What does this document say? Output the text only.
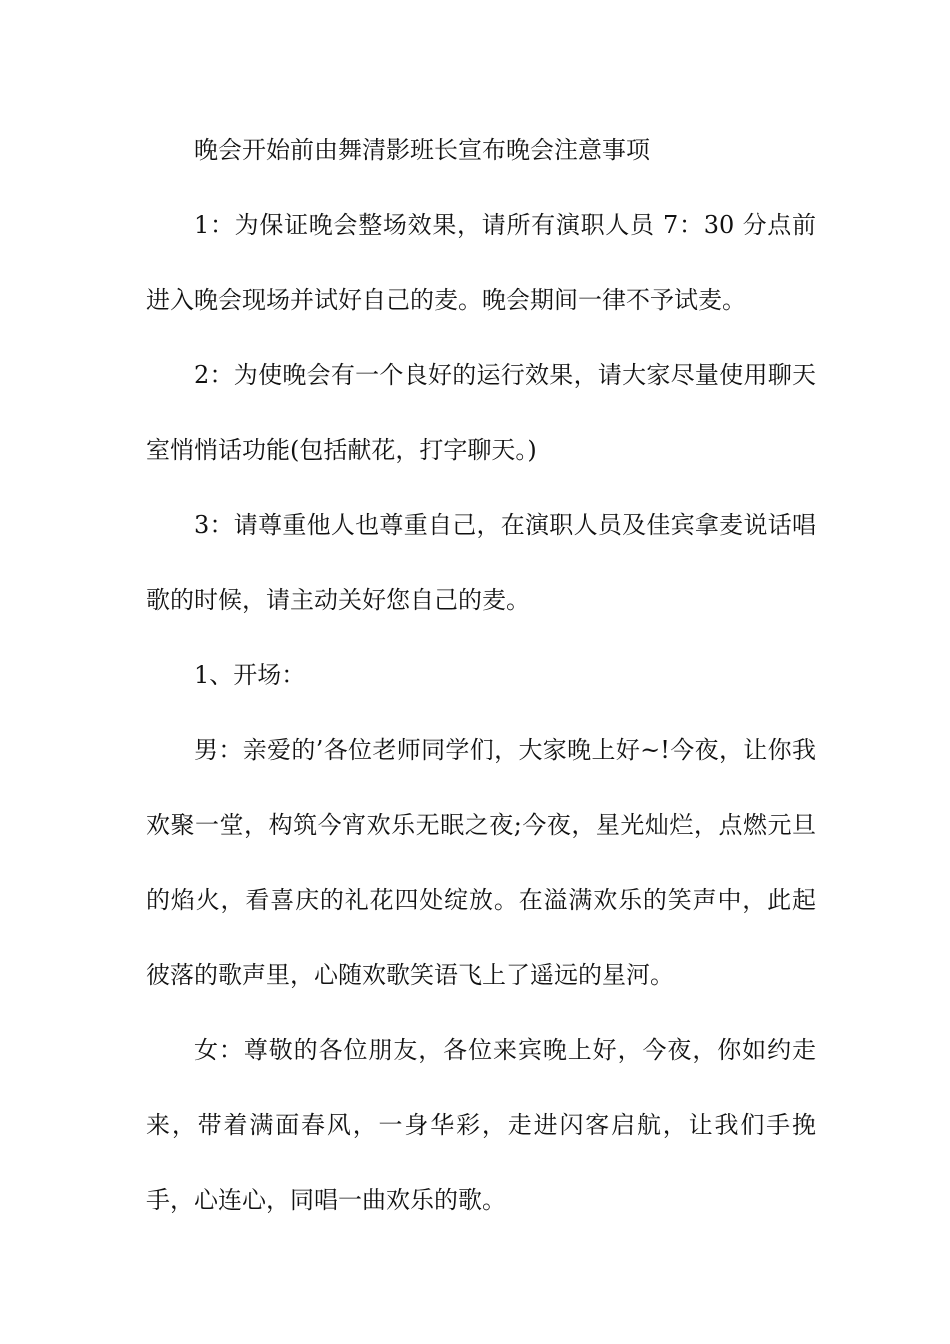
晚会开始前由舞清影班长宣布晚会注意事项

1：为保证晚会整场效果，请所有演职人员 7：30 分点前进入晚会现场并试好自己的麦。晚会期间一律不予试麦。

2：为使晚会有一个良好的运行效果，请大家尽量使用聊天室悄悄话功能(包括献花，打字聊天。)

3：请尊重他人也尊重自己，在演职人员及佳宾拿麦说话唱歌的时候，请主动关好您自己的麦。

1、开场：

男：亲爱的’各位老师同学们，大家晚上好~!今夜，让你我欢聚一堂，构筑今宵欢乐无眠之夜;今夜，星光灿烂，点燃元旦的焰火，看喜庆的礼花四处绽放。在溢满欢乐的笑声中，此起彼落的歌声里，心随欢歌笑语飞上了遥远的星河。

女：尊敬的各位朋友，各位来宾晚上好，今夜，你如约走来，带着满面春风，一身华彩，走进闪客启航，让我们手挽手，心连心，同唱一曲欢乐的歌。
